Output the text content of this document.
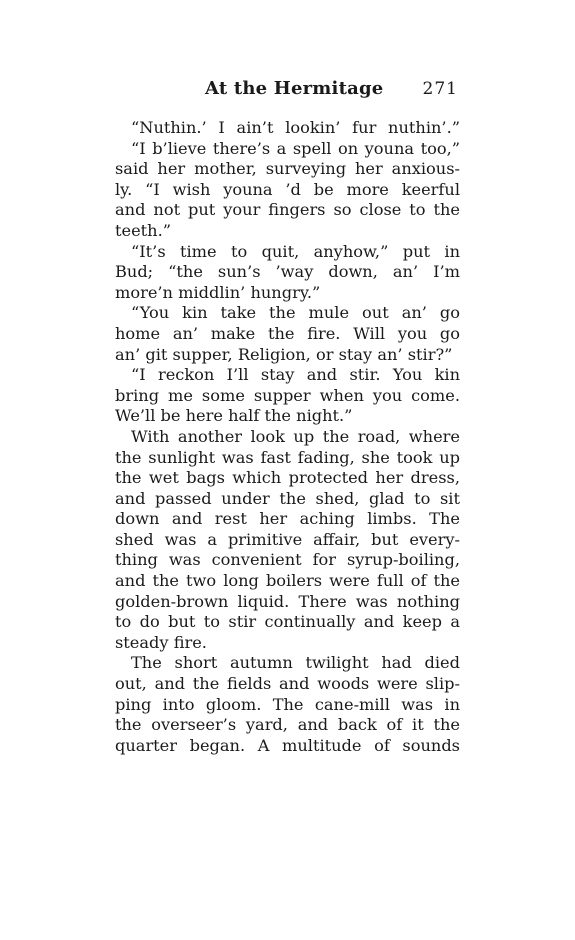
At the Hermitage 271
“Nuthin.’ I ain’t lookin’ fur nuthin’.”
“I b’lieve there’s a spell on youna too,”
said her mother, surveying her anxious-
ly. “I wish youna ’d be more keerful
and not put your fingers so close to the
teeth.”
“It’s time to quit, anyhow,” put in
Bud; “the sun’s ’way down, an’ I’m
more’n middlin’ hungry.”
“You kin take the mule out an’ go
home an’ make the fire. Will you go
an’ git supper, Religion, or stay an’ stir?”
“I reckon I’ll stay and stir. You kin
bring me some supper when you come.
We’ll be here half the night.”
With another look up the road, where
the sunlight was fast fading, she took up
the wet bags which protected her dress,
and passed under the shed, glad to sit
down and rest her aching limbs. The
shed was a primitive affair, but every-
thing was convenient for syrup-boiling,
and the two long boilers were full of the
golden-brown liquid. There was nothing
to do but to stir continually and keep a
steady fire.
The short autumn twilight had died
out, and the fields and woods were slip-
ping into gloom. The cane-mill was in
the overseer’s yard, and back of it the
quarter began. A multitude of sounds
